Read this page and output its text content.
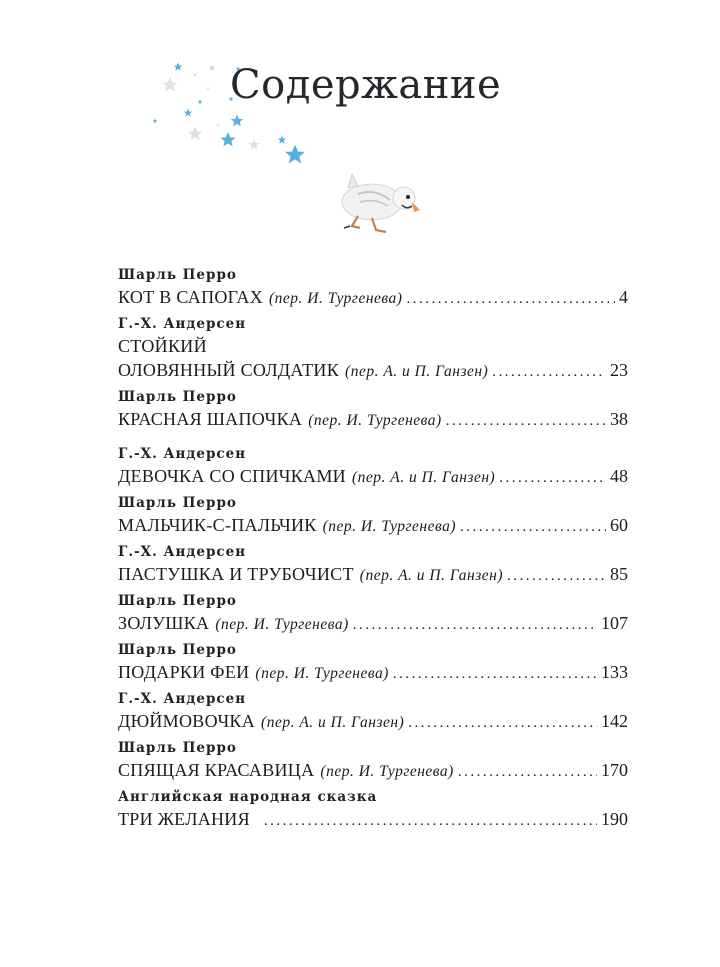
Содержание
Шарль Перро
КОТ В САПОГАХ (пер. И. Тургенева) .....	4
Г.-Х. Андерсен
СТОЙКИЙ
ОЛОВЯННЫЙ СОЛДАТИК (пер. А. и П. Ганзен) .....	23
Шарль Перро
КРАСНАЯ ШАПОЧКА (пер. И. Тургенева) .....	38
Г.-Х. Андерсен
ДЕВОЧКА СО СПИЧКАМИ (пер. А. и П. Ганзен) .....	48
Шарль Перро
МАЛЬЧИК-С-ПАЛЬЧИК (пер. И. Тургенева) .....	60
Г.-Х. Андерсен
ПАСТУШКА И ТРУБОЧИСТ (пер. А. и П. Ганзен) .....	85
Шарль Перро
ЗОЛУШКА (пер. И. Тургенева) .....	107
Шарль Перро
ПОДАРКИ ФЕИ (пер. И. Тургенева) .....	133
Г.-Х. Андерсен
ДЮЙМОВОЧКА (пер. А. и П. Ганзен) .....	142
Шарль Перро
СПЯЩАЯ КРАСАВИЦА (пер. И. Тургенева) .....	170
Английская народная сказка
ТРИ ЖЕЛАНИЯ .....	190
